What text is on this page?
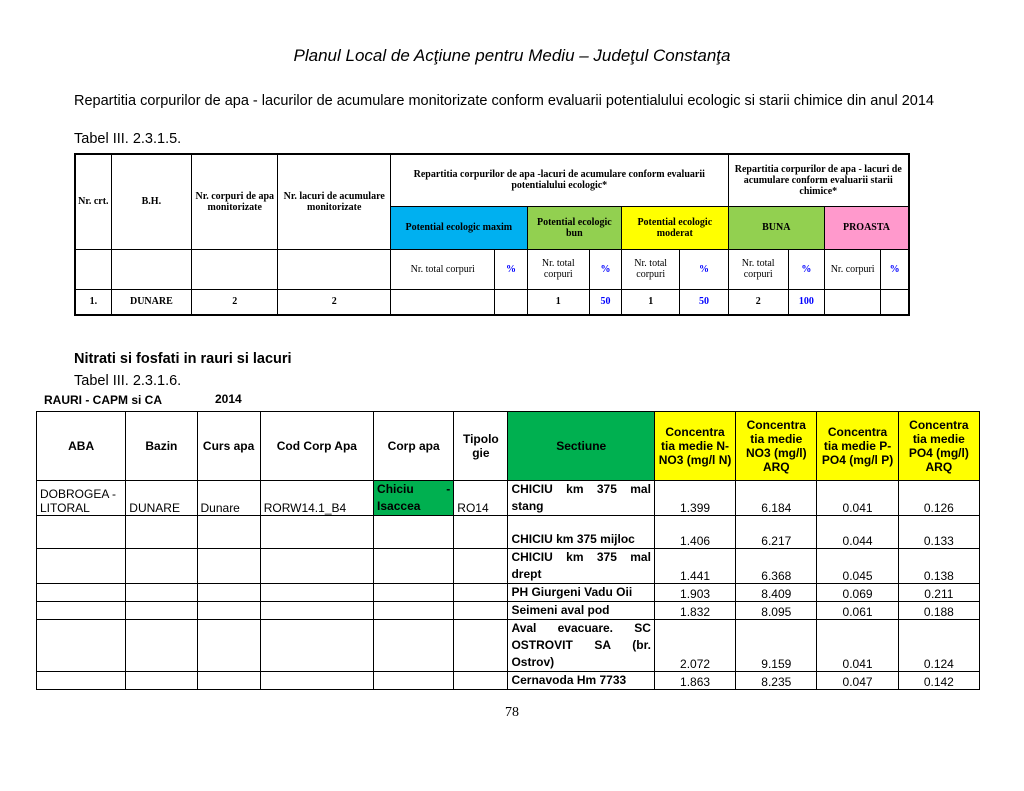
Planul Local de Acţiune pentru Mediu – Judeţul Constanţa
Repartitia corpurilor de apa - lacurilor de acumulare monitorizate conform evaluarii potentialului ecologic si starii chimice din anul 2014
Tabel III. 2.3.1.5.
Nr. crt.	B.H.	Nr. corpuri de apa monitorizate	Nr. lacuri de acumulare monitorizate	Repartitia corpurilor de apa -lacuri de acumulare conform evaluarii potentialului ecologic*						Repartitia corpurilor de apa - lacuri de acumulare conform evaluarii starii chimice*			
				Potential ecologic maxim		Potential ecologic bun		Potential ecologic moderat		BUNA		PROASTA	
				Nr. total corpuri	%	Nr. total corpuri	%	Nr. total corpuri	%	Nr. total corpuri	%	Nr. corpuri	%
1.	DUNARE	2	2			1	50	1	50	2	100		
Nitrati si fosfati in rauri si lacuri
Tabel III. 2.3.1.6.
RAURI - CAPM si CA	2014
ABA	Bazin	Curs apa	Cod Corp Apa	Corp apa	Tipolo gie	Sectiune	Concentra tia medie N- NO3 (mg/l N)	Concentra tia medie NO3 (mg/l) ARQ	Concentra tia medie P- PO4 (mg/l P)	Concentra tia medie PO4 (mg/l) ARQ
DOBROGEA -LITORAL	DUNARE	Dunare	RORW14.1_B4	Chiciu - Isaccea	RO14	CHICIU km 375 mal stang	1.399	6.184	0.041	0.126
						CHICIU km 375 mijloc	1.406	6.217	0.044	0.133
						CHICIU km 375 mal drept	1.441	6.368	0.045	0.138
						PH Giurgeni Vadu Oii	1.903	8.409	0.069	0.211
						Seimeni aval pod	1.832	8.095	0.061	0.188
						Aval evacuare. SC OSTROVIT SA (br. Ostrov)	2.072	9.159	0.041	0.124
						Cernavoda Hm 7733	1.863	8.235	0.047	0.142
78
